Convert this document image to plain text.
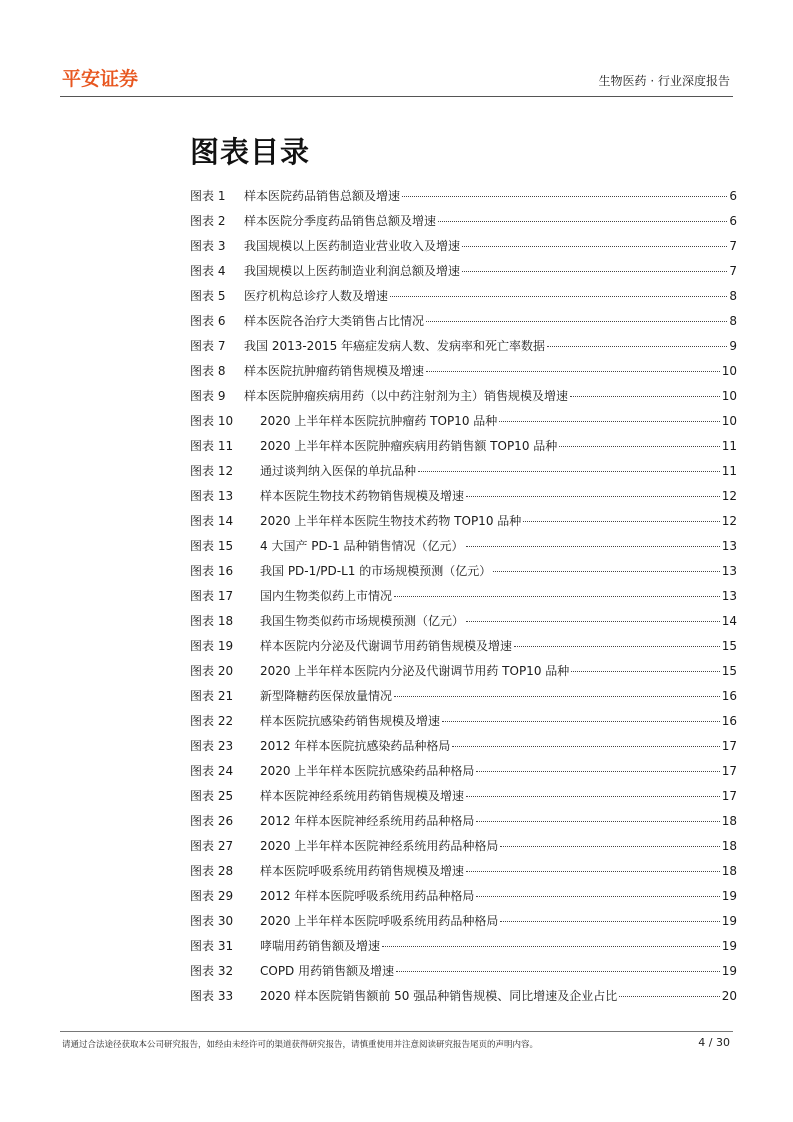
平安证券	生物医药 · 行业深度报告
图表目录
图表 1	样本医院药品销售总额及增速	6
图表 2	样本医院分季度药品销售总额及增速	6
图表 3	我国规模以上医药制造业营业收入及增速	7
图表 4	我国规模以上医药制造业利润总额及增速	7
图表 5	医疗机构总诊疗人数及增速	8
图表 6	样本医院各治疗大类销售占比情况	8
图表 7	我国 2013-2015 年癌症发病人数、发病率和死亡率数据	9
图表 8	样本医院抗肿瘤药销售规模及增速	10
图表 9	样本医院肿瘤疾病用药（以中药注射剂为主）销售规模及增速	10
图表 10	2020 上半年样本医院抗肿瘤药 TOP10 品种	10
图表 11	2020 上半年样本医院肿瘤疾病用药销售额 TOP10 品种	11
图表 12	通过谈判纳入医保的单抗品种	11
图表 13	样本医院生物技术药物销售规模及增速	12
图表 14	2020 上半年样本医院生物技术药物 TOP10 品种	12
图表 15	4 大国产 PD-1 品种销售情况（亿元）	13
图表 16	我国 PD-1/PD-L1 的市场规模预测（亿元）	13
图表 17	国内生物类似药上市情况	13
图表 18	我国生物类似药市场规模预测（亿元）	14
图表 19	样本医院内分泌及代谢调节用药销售规模及增速	15
图表 20	2020 上半年样本医院内分泌及代谢调节用药 TOP10 品种	15
图表 21	新型降糖药医保放量情况	16
图表 22	样本医院抗感染药销售规模及增速	16
图表 23	2012 年样本医院抗感染药品种格局	17
图表 24	2020 上半年样本医院抗感染药品种格局	17
图表 25	样本医院神经系统用药销售规模及增速	17
图表 26	2012 年样本医院神经系统用药品种格局	18
图表 27	2020 上半年样本医院神经系统用药品种格局	18
图表 28	样本医院呼吸系统用药销售规模及增速	18
图表 29	2012 年样本医院呼吸系统用药品种格局	19
图表 30	2020 上半年样本医院呼吸系统用药品种格局	19
图表 31	哮喘用药销售额及增速	19
图表 32	COPD 用药销售额及增速	19
图表 33	2020 样本医院销售额前 50 强品种销售规模、同比增速及企业占比	20
请通过合法途径获取本公司研究报告，如经由未经许可的渠道获得研究报告，请慎重使用并注意阅读研究报告尾页的声明内容。	4 / 30
